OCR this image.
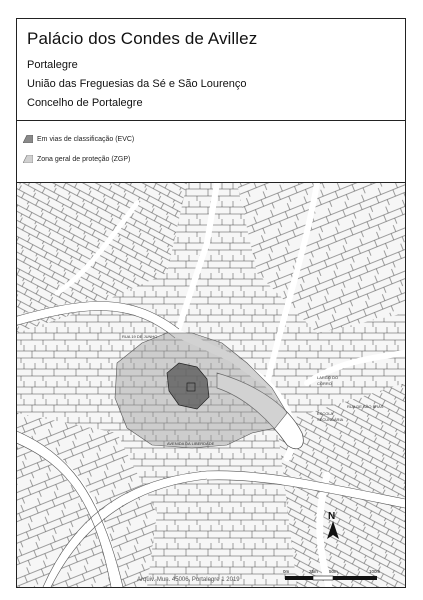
Palácio dos Condes de Avillez
Portalegre
União das Freguesias da Sé e São Lourenço
Concelho de Portalegre
Em vias de classificação (EVC)
Zona geral de proteção (ZGP)
RUA 19 DE JUNHO
AVENIDA DA LIBERDADE
LARGO DO
CORRO
ESCOLA
SECUNDÁRIA
RUA DE SÃO BRÁS
N
0m	25m 50m	100m
Arquiv. Mun. 45006, Portalegre 1 2019
